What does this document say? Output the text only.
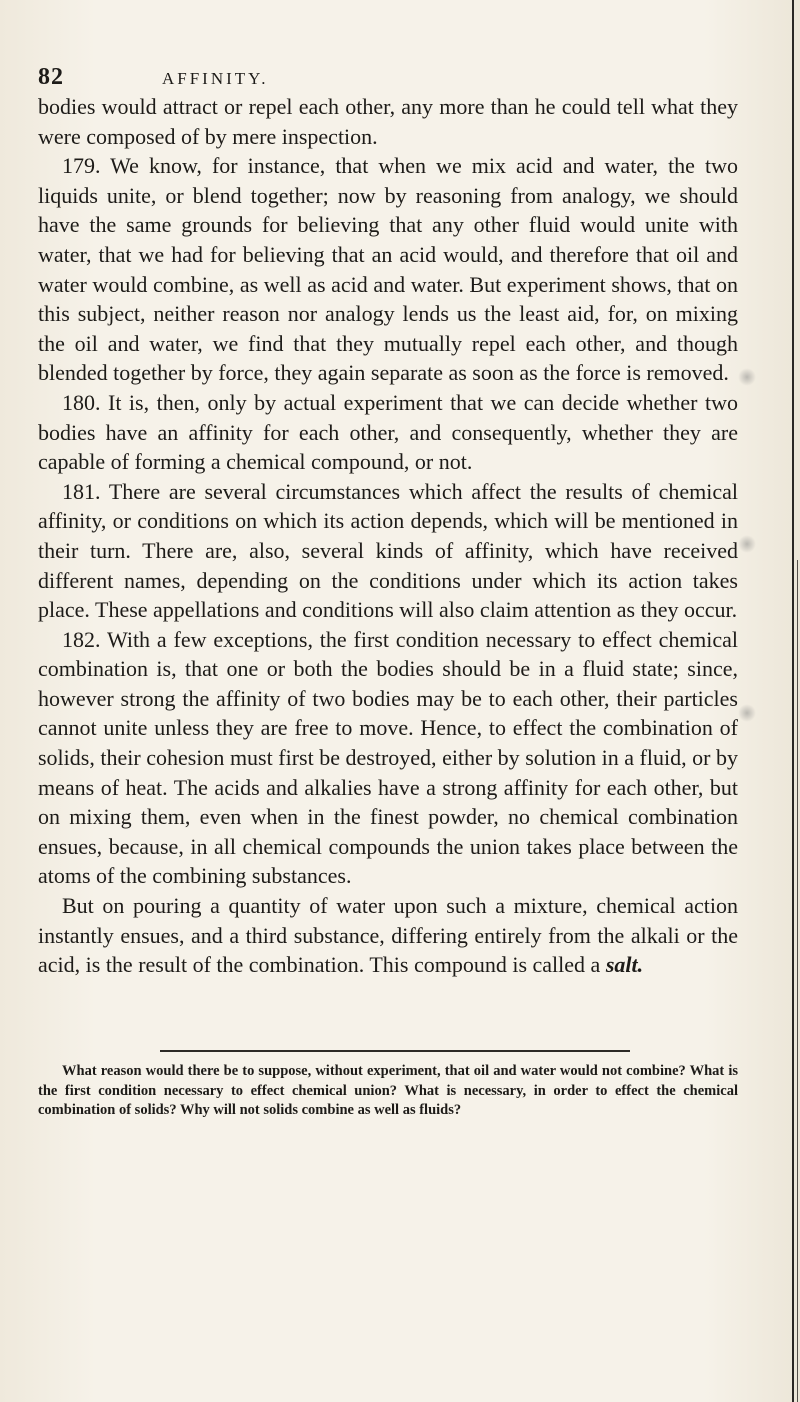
82	AFFINITY.

bodies would attract or repel each other, any more than he could tell what they were composed of by mere inspection.

179. We know, for instance, that when we mix acid and water, the two liquids unite, or blend together; now by reasoning from analogy, we should have the same grounds for believing that any other fluid would unite with water, that we had for believing that an acid would, and therefore that oil and water would combine, as well as acid and water. But experiment shows, that on this subject, neither reason nor analogy lends us the least aid, for, on mixing the oil and water, we find that they mutually repel each other, and though blended together by force, they again separate as soon as the force is removed.

180. It is, then, only by actual experiment that we can decide whether two bodies have an affinity for each other, and consequently, whether they are capable of forming a chemical compound, or not.

181. There are several circumstances which affect the results of chemical affinity, or conditions on which its action depends, which will be mentioned in their turn. There are, also, several kinds of affinity, which have received different names, depending on the conditions under which its action takes place. These appellations and conditions will also claim attention as they occur.

182. With a few exceptions, the first condition necessary to effect chemical combination is, that one or both the bodies should be in a fluid state; since, however strong the affinity of two bodies may be to each other, their particles cannot unite unless they are free to move. Hence, to effect the combination of solids, their cohesion must first be destroyed, either by solution in a fluid, or by means of heat. The acids and alkalies have a strong affinity for each other, but on mixing them, even when in the finest powder, no chemical combination ensues, because, in all chemical compounds the union takes place between the atoms of the combining substances.

But on pouring a quantity of water upon such a mixture, chemical action instantly ensues, and a third substance, differing entirely from the alkali or the acid, is the result of the combination. This compound is called a salt.

What reason would there be to suppose, without experiment, that oil and water would not combine? What is the first condition necessary to effect chemical union? What is necessary, in order to effect the chemical combination of solids? Why will not solids combine as well as fluids?
